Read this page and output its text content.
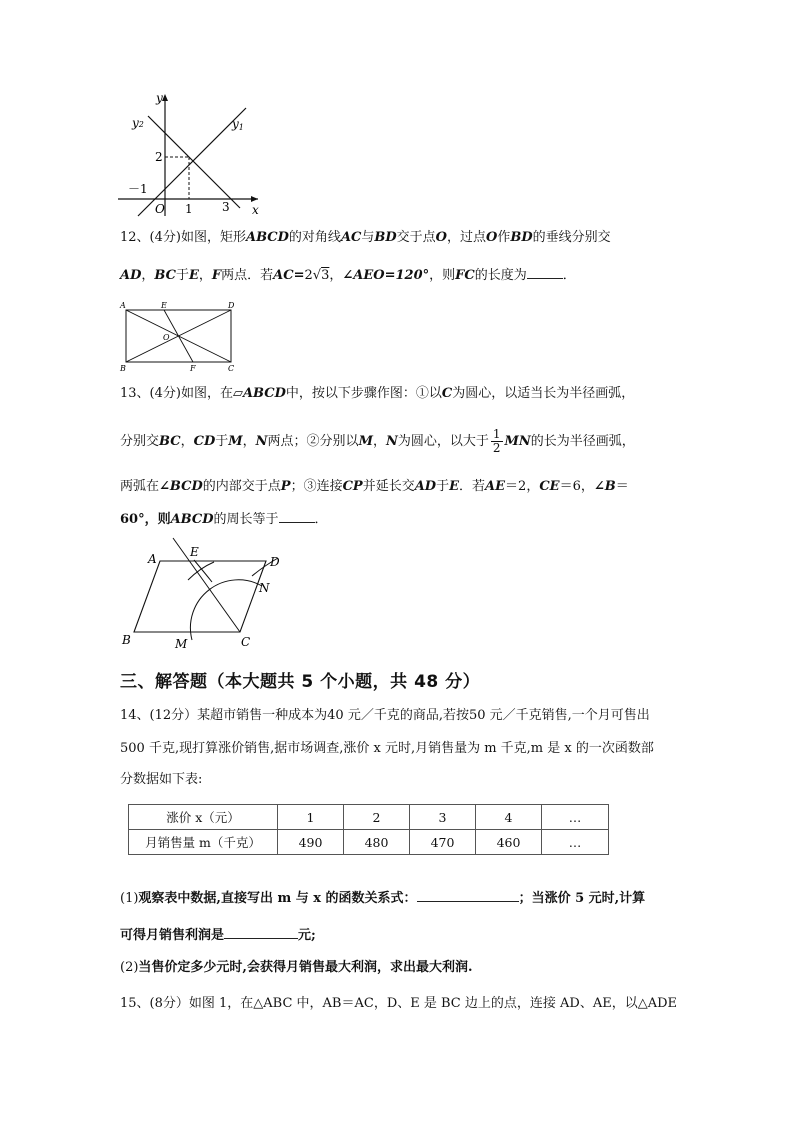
y
y2	y1
2
－1
O 1 3 x
12、(4分)如图，矩形ABCD的对角线AC与BD交于点O，过点O作BD的垂线分别交
AD，BC于E，F两点．若AC=2√3，∠AEO=120°，则FC的长度为	．
A	E	D
O
B	F	C
13、(4分)如图，在▱ABCD中，按以下步骤作图：①以C为圆心，以适当长为半径画弧，
分别交BC，CD于M，N两点；②分别以M，N为圆心，以大于 $\frac{1}{2}$ MN的长为半径画弧，
两弧在∠BCD的内部交于点P；③连接CP并延长交AD于E．若AE＝2，CE＝6，∠B＝
60°，则ABCD的周长等于	．
A	E
D
N
B	M	C
三、解答题（本大题共 5 个小题，共 48 分）
14、(12分）某超市销售一种成本为40 元／千克的商品,若按50 元／千克销售,一个月可售出
500 千克,现打算涨价销售,据市场调查,涨价 x 元时,月销售量为 m 千克,m 是 x 的一次函数部
分数据如下表:
涨价 x（元）	1	2	3	4	…
月销售量 m（千克）	490	480	470	460	…
(1)观察表中数据,直接写出 m 与 x 的函数关系式：	；当涨价 5 元时,计算
可得月销售利润是	元;
(2)当售价定多少元时,会获得月销售最大利润，求出最大利润.
15、(8分）如图 1，在△ABC 中，AB＝AC，D、E 是 BC 边上的点，连接 AD、AE，以△ADE
